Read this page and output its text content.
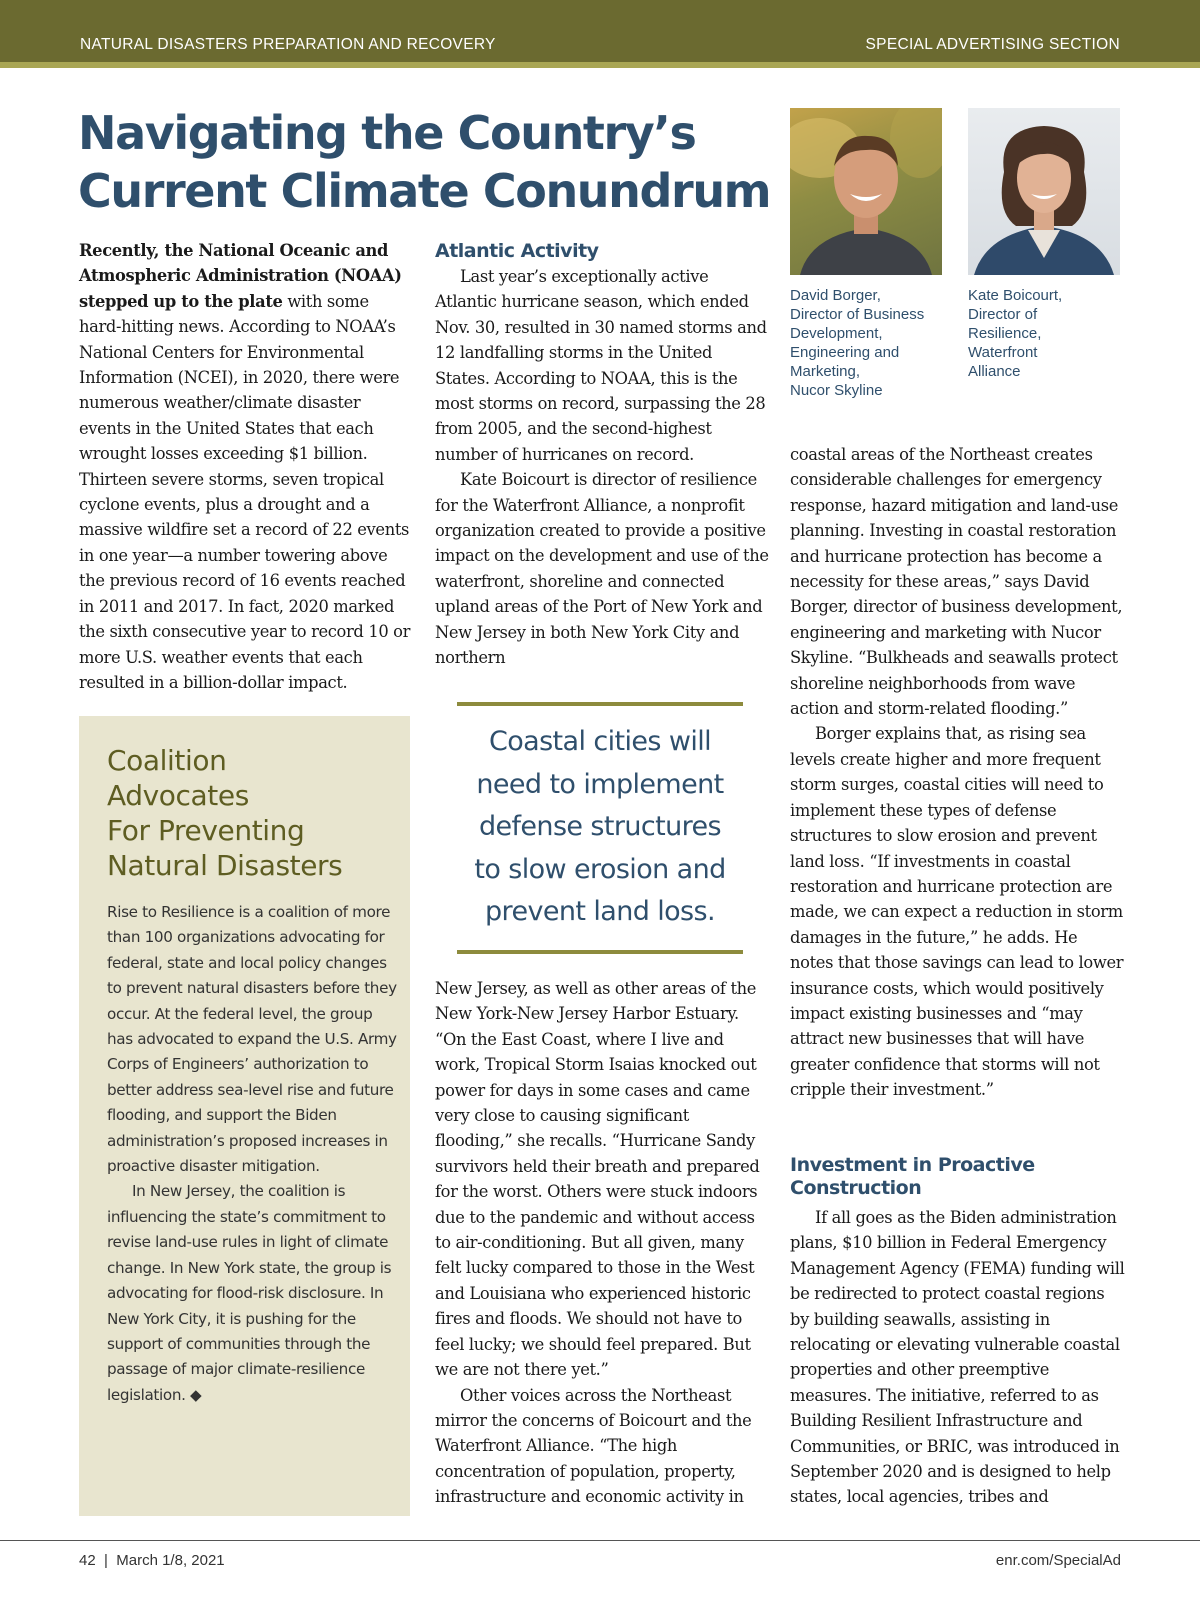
NATURAL DISASTERS PREPARATION AND RECOVERY	SPECIAL ADVERTISING SECTION
Navigating the Country’s
Current Climate Conundrum
David Borger,
Director of Business
Development,
Engineering and
Marketing,
Nucor Skyline
Kate Boicourt,
Director of
Resilience,
Waterfront
Alliance

Recently, the National Oceanic and Atmospheric Administration (NOAA) stepped up to the plate with some hard-hitting news. According to NOAA’s National Centers for Environmental Information (NCEI), in 2020, there were numerous weather/climate disaster events in the United States that each wrought losses exceeding $1 billion. Thirteen severe storms, seven tropical cyclone events, plus a drought and a massive wildfire set a record of 22 events in one year—a number towering above the previous record of 16 events reached in 2011 and 2017. In fact, 2020 marked the sixth consecutive year to record 10 or more U.S. weather events that each resulted in a billion-dollar impact.

Coalition
Advocates
For Preventing
Natural Disasters

Rise to Resilience is a coalition of more than 100 organizations advocating for federal, state and local policy changes to prevent natural disasters before they occur. At the federal level, the group has advocated to expand the U.S. Army Corps of Engineers’ authorization to better address sea-level rise and future flooding, and support the Biden administration’s proposed increases in proactive disaster mitigation.

In New Jersey, the coalition is influencing the state’s commitment to revise land-use rules in light of climate change. In New York state, the group is advocating for flood-risk disclosure. In New York City, it is pushing for the support of communities through the passage of major climate-resilience legislation. ◆

Atlantic Activity

Last year’s exceptionally active Atlantic hurricane season, which ended Nov. 30, resulted in 30 named storms and 12 landfalling storms in the United States. According to NOAA, this is the most storms on record, surpassing the 28 from 2005, and the second-highest number of hurricanes on record.

Kate Boicourt is director of resilience for the Waterfront Alliance, a nonprofit organization created to provide a positive impact on the development and use of the waterfront, shoreline and connected upland areas of the Port of New York and New Jersey in both New York City and northern

Coastal cities will
need to implement
defense structures
to slow erosion and
prevent land loss.

New Jersey, as well as other areas of the New York-New Jersey Harbor Estuary. “On the East Coast, where I live and work, Tropical Storm Isaias knocked out power for days in some cases and came very close to causing significant flooding,” she recalls. “Hurricane Sandy survivors held their breath and prepared for the worst. Others were stuck indoors due to the pandemic and without access to air-conditioning. But all given, many felt lucky compared to those in the West and Louisiana who experienced historic fires and floods. We should not have to feel lucky; we should feel prepared. But we are not there yet.”

Other voices across the Northeast mirror the concerns of Boicourt and the Waterfront Alliance. “The high concentration of population, property, infrastructure and economic activity in

coastal areas of the Northeast creates considerable challenges for emergency response, hazard mitigation and land-use planning. Investing in coastal restoration and hurricane protection has become a necessity for these areas,” says David Borger, director of business development, engineering and marketing with Nucor Skyline. “Bulkheads and seawalls protect shoreline neighborhoods from wave action and storm-related flooding.”

Borger explains that, as rising sea levels create higher and more frequent storm surges, coastal cities will need to implement these types of defense structures to slow erosion and prevent land loss. “If investments in coastal restoration and hurricane protection are made, we can expect a reduction in storm damages in the future,” he adds. He notes that those savings can lead to lower insurance costs, which would positively impact existing businesses and “may attract new businesses that will have greater confidence that storms will not cripple their investment.”

Investment in Proactive Construction

If all goes as the Biden administration plans, $10 billion in Federal Emergency Management Agency (FEMA) funding will be redirected to protect coastal regions by building seawalls, assisting in relocating or elevating vulnerable coastal properties and other preemptive measures. The initiative, referred to as Building Resilient Infrastructure and Communities, or BRIC, was introduced in September 2020 and is designed to help states, local agencies, tribes and

42  |  March 1/8, 2021	enr.com/SpecialAd
